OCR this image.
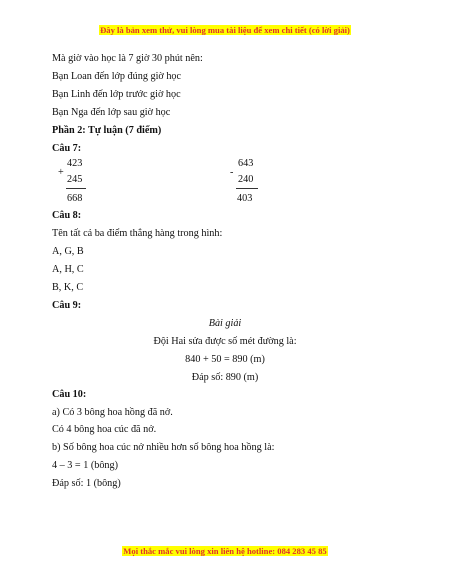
Đây là bản xem thử, vui lòng mua tài liệu để xem chi tiết (có lời giải)
Mà giờ vào học là 7 giờ 30 phút nên:
Bạn Loan đến lớp đúng giờ học
Bạn Linh đến lớp trước giờ học
Bạn Nga đến lớp sau giờ học
Phần 2: Tự luận (7 điểm)
Câu 7:
+
423
245
668
-
643
240
403
Câu 8:
Tên tất cả ba điểm thẳng hàng trong hình:
A, G, B
A, H, C
B, K, C
Câu 9:
Bài giải
Đội Hai sửa được số mét đường là:
840 + 50 = 890 (m)
Đáp số: 890 (m)
Câu 10:
a) Có 3 bông hoa hồng đã nở.
Có 4 bông hoa cúc đã nở.
b) Số bông hoa cúc nở nhiều hơn số bông hoa hồng là:
4 – 3 = 1 (bông)
Đáp số: 1 (bông)
Mọi thắc mắc vui lòng xin liên hệ hotline: 084 283 45 85
